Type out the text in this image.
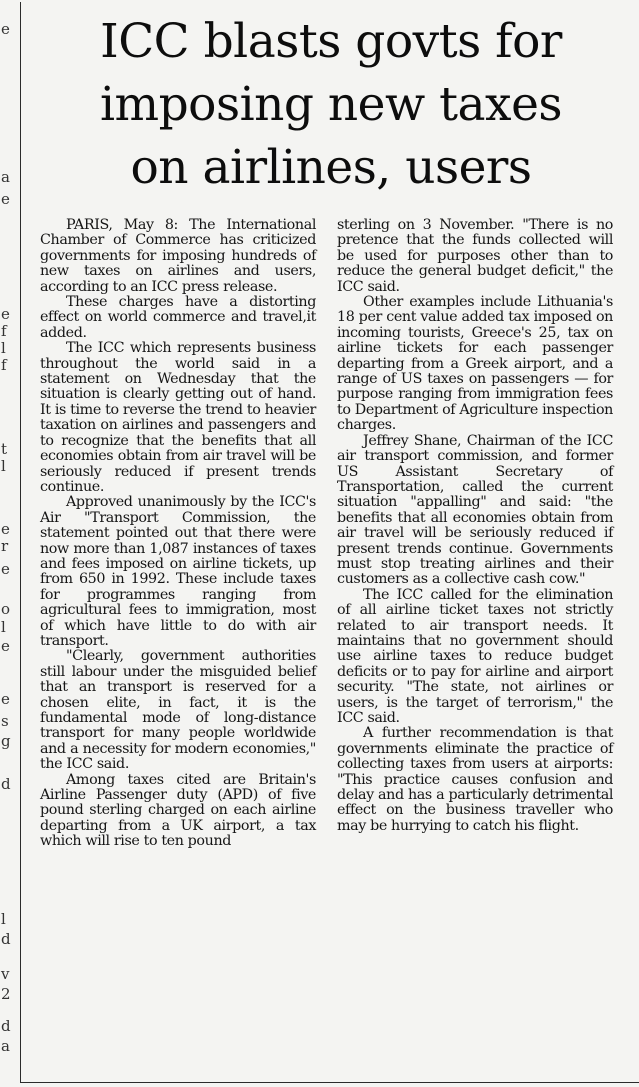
e
a
e
e
f
l
f
t
l
e
r
e
o
l
e
e
s
g
d
l
d
v
2
d
a
ICC blasts govts for
imposing new taxes
on airlines, users

PARIS, May 8: The International Chamber of Commerce has criticized governments for imposing hundreds of new taxes on airlines and users, according to an ICC press release.

These charges have a distorting effect on world commerce and travel,it added.

The ICC which represents business throughout the world said in a statement on Wednesday that the situation is clearly getting out of hand. It is time to reverse the trend to heavier taxation on airlines and passengers and to recognize that the benefits that all economies obtain from air travel will be seriously reduced if present trends continue.

Approved unanimously by the ICC's Air "Transport Commission, the statement pointed out that there were now more than 1,087 instances of taxes and fees imposed on airline tickets, up from 650 in 1992. These include taxes for programmes ranging from agricultural fees to immigration, most of which have little to do with air transport.

"Clearly, government authorities still labour under the misguided belief that an transport is reserved for a chosen elite, in fact, it is the fundamental mode of long-distance transport for many people worldwide and a necessity for modern economies," the ICC said.

Among taxes cited are Britain's Airline Passenger duty (APD) of five pound sterling charged on each airline departing from a UK airport, a tax which will rise to ten pound

sterling on 3 November. "There is no pretence that the funds collected will be used for purposes other than to reduce the general budget deficit," the ICC said.

Other examples include Lithuania's 18 per cent value added tax imposed on incoming tourists, Greece's 25, tax on airline tickets for each passenger departing from a Greek airport, and a range of US taxes on passengers — for purpose ranging from immigration fees to Department of Agriculture inspection charges.

Jeffrey Shane, Chairman of the ICC air transport commission, and former US Assistant Secretary of Transportation, called the current situation "appalling" and said: "the benefits that all economies obtain from air travel will be seriously reduced if present trends continue. Governments must stop treating airlines and their customers as a collective cash cow."

The ICC called for the elimination of all airline ticket taxes not strictly related to air transport needs. It maintains that no government should use airline taxes to reduce budget deficits or to pay for airline and airport security. "The state, not airlines or users, is the target of terrorism," the ICC said.

A further recommendation is that governments eliminate the practice of collecting taxes from users at airports: "This practice causes confusion and delay and has a particularly detrimental effect on the business traveller who may be hurrying to catch his flight.
